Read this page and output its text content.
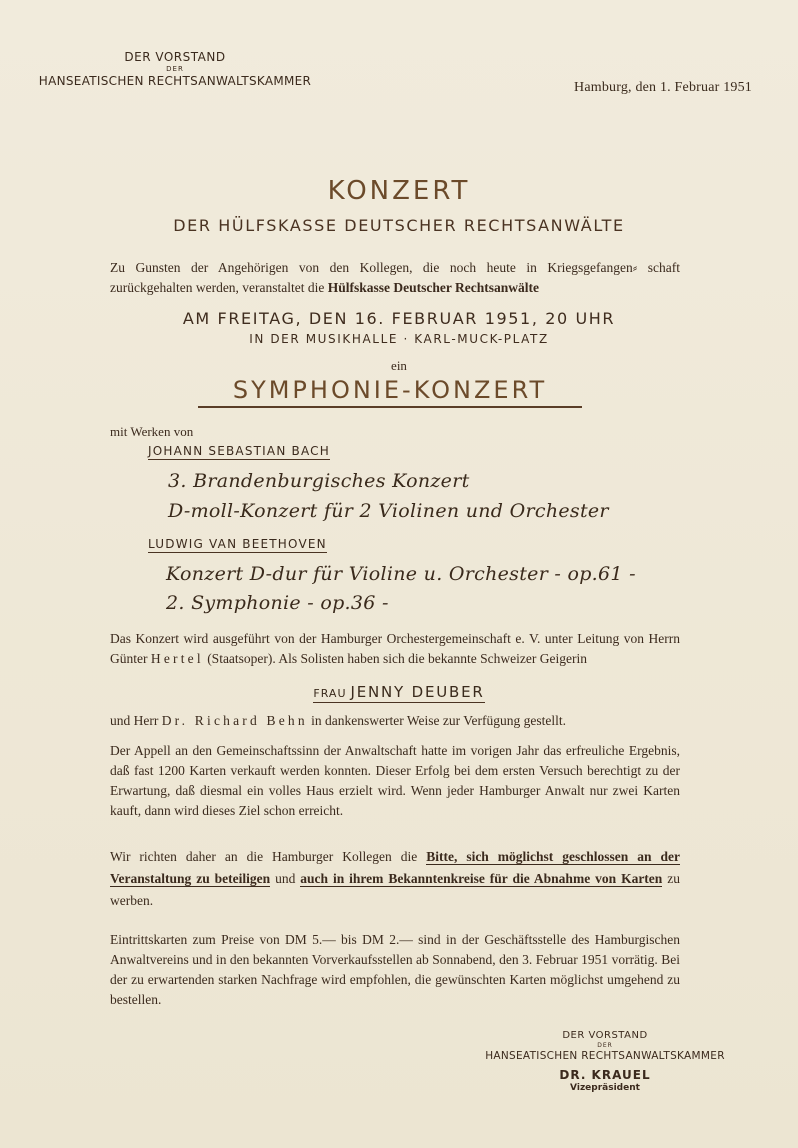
DER VORSTAND
DER
HANSEATISCHEN RECHTSANWALTSKAMMER	Hamburg, den 1. Februar 1951
KONZERT
DER HÜLFSKASSE DEUTSCHER RECHTSANWÄLTE
Zu Gunsten der Angehörigen von den Kollegen, die noch heute in Kriegsgefangen⸗ schaft zurückgehalten werden, veranstaltet die Hülfskasse Deutscher Rechtsanwälte
AM FREITAG, DEN 16. FEBRUAR 1951, 20 UHR
IN DER MUSIKHALLE · KARL-MUCK-PLATZ
ein
SYMPHONIE-KONZERT
mit Werken von
JOHANN SEBASTIAN BACH
3. Brandenburgisches Konzert
D-moll-Konzert für 2 Violinen und Orchester
LUDWIG VAN BEETHOVEN
Konzert D-dur für Violine u. Orchester - op.61 -
2. Symphonie - op.36 -
Das Konzert wird ausgeführt von der Hamburger Orchestergemeinschaft e. V. unter Leitung von Herrn Günter Hertel (Staatsoper). Als Solisten haben sich die bekannte Schweizer Geigerin
FRAU JENNY DEUBER
und Herr Dr. Richard Behn in dankenswerter Weise zur Verfügung gestellt.
Der Appell an den Gemeinschaftssinn der Anwaltschaft hatte im vorigen Jahr das erfreuliche Ergebnis, daß fast 1200 Karten verkauft werden konnten. Dieser Erfolg bei dem ersten Versuch berechtigt zu der Erwartung, daß diesmal ein volles Haus erzielt wird. Wenn jeder Hamburger Anwalt nur zwei Karten kauft, dann wird dieses Ziel schon erreicht.
Wir richten daher an die Hamburger Kollegen die Bitte, sich möglichst geschlossen an der Veranstaltung zu beteiligen und auch in ihrem Bekanntenkreise für die Abnahme von Karten zu werben.
Eintrittskarten zum Preise von DM 5.— bis DM 2.— sind in der Geschäftsstelle des Hamburgischen Anwaltvereins und in den bekannten Vorverkaufsstellen ab Sonnabend, den 3. Februar 1951 vorrätig. Bei der zu erwartenden starken Nachfrage wird empfohlen, die gewünschten Karten möglichst umgehend zu bestellen.
DER VORSTAND
DER
HANSEATISCHEN RECHTSANWALTSKAMMER
DR. KRAUEL
Vizepräsident
